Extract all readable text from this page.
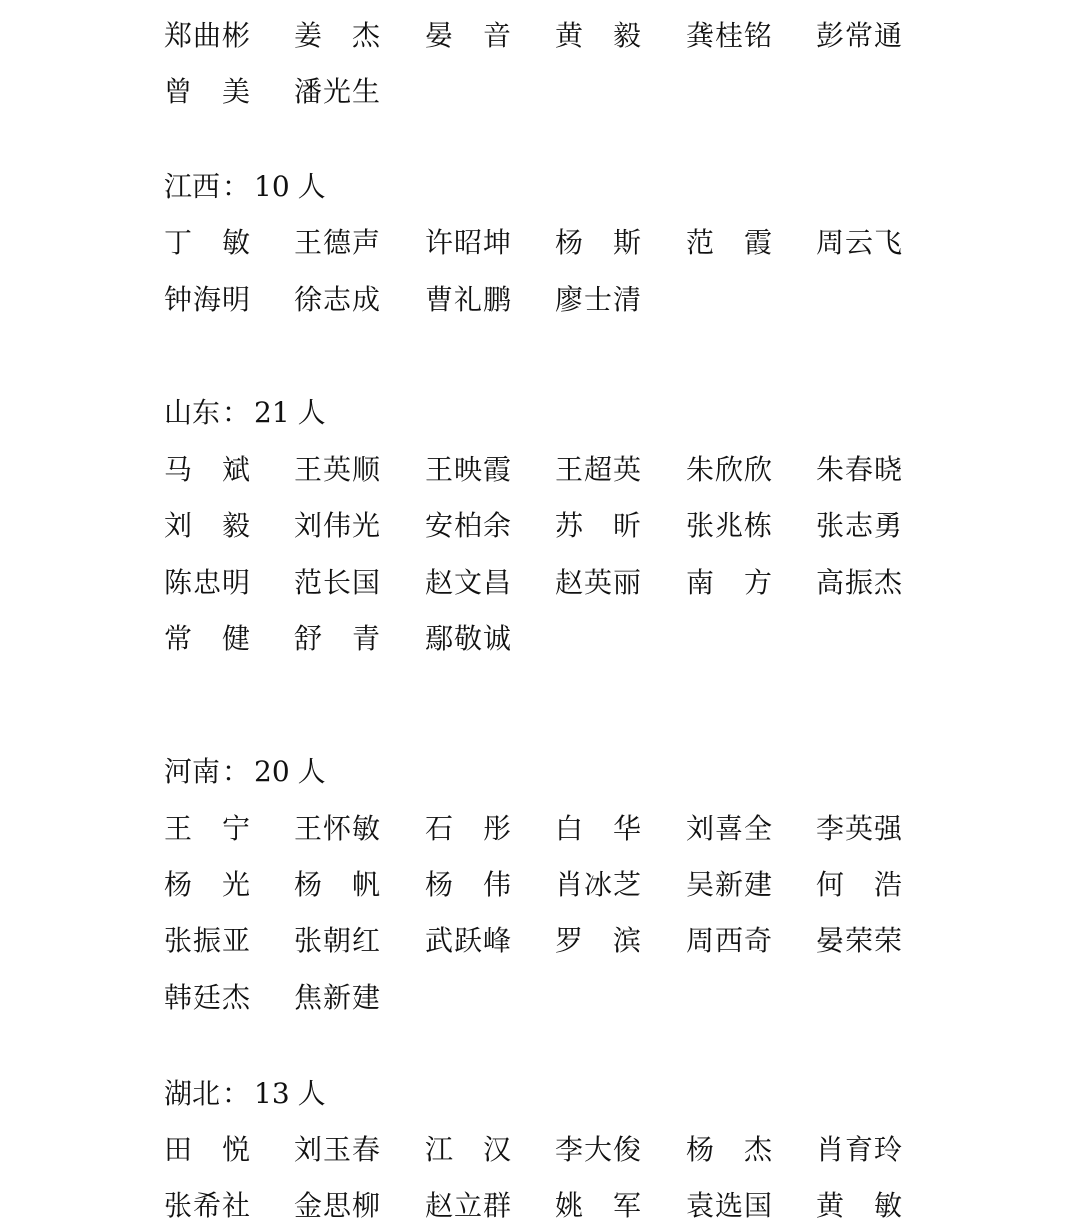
郑 曲 彬 姜 杰 晏 音 黄 毅 龚 桂 铭 彭 常 通
曾 美 潘 光 生
江西： 10 人
丁 敏 王 德 声 许 昭 坤 杨 斯 范 霞 周 云 飞
钟 海 明 徐 志 成 曹 礼 鹏 廖 士 清
山东： 21 人
马 斌 王 英 顺 王 映 霞 王 超 英 朱 欣 欣 朱 春 晓
刘 毅 刘 伟 光 安 柏 余 苏 昕 张 兆 栋 张 志 勇
陈 忠 明 范 长 国 赵 文 昌 赵 英 丽 南 方 高 振 杰
常 健 舒 青 鄢 敬 诚
河南： 20 人
王 宁 王 怀 敏 石 彤 白 华 刘 喜 全 李 英 强
杨 光 杨 帆 杨 伟 肖 冰 芝 吴 新 建 何 浩
张 振 亚 张 朝 红 武 跃 峰 罗 滨 周 西 奇 晏 荣 荣
韩 廷 杰 焦 新 建
湖北： 13 人
田 悦 刘 玉 春 江 汉 李 大 俊 杨 杰 肖 育 玲
张 希 社 金 思 柳 赵 立 群 姚 军 袁 选 国 黄 敏
